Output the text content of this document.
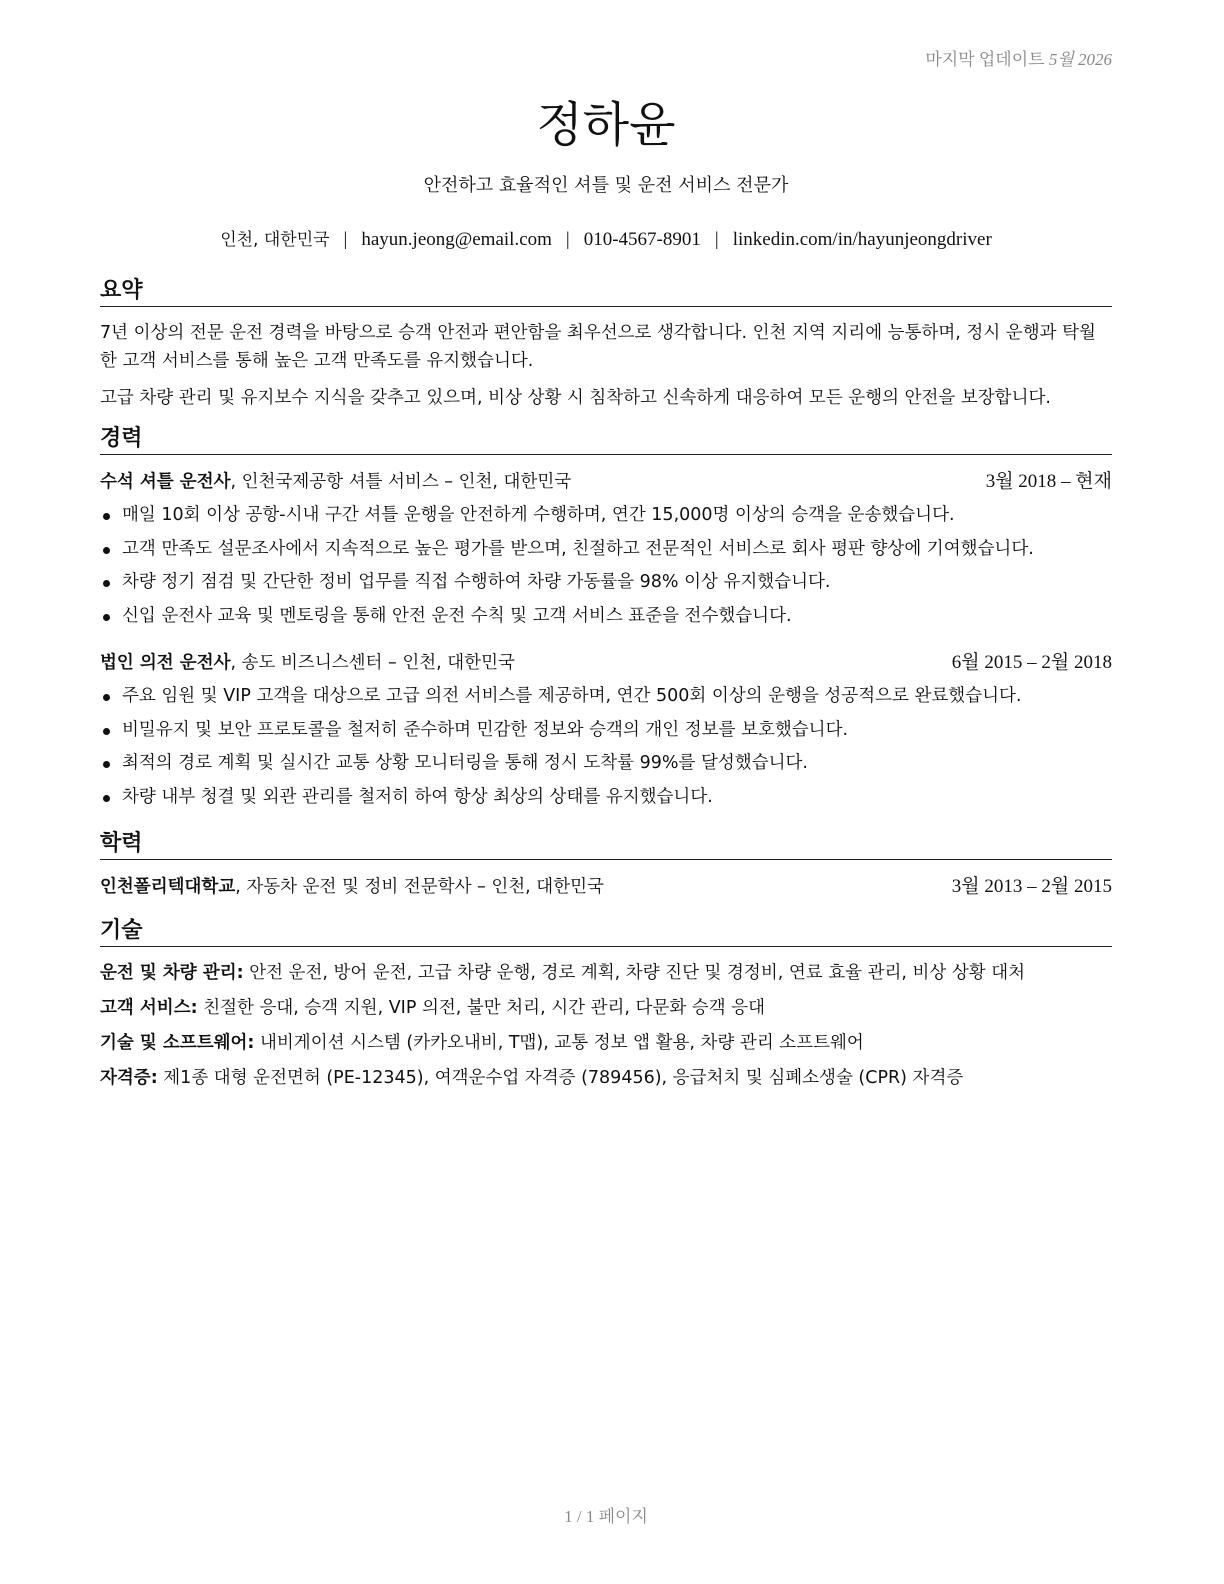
마지막 업데이트 5월 2026
정하윤
안전하고 효율적인 셔틀 및 운전 서비스 전문가
인천, 대한민국 | hayun.jeong@email.com | 010-4567-8901 | linkedin.com/in/hayunjeongdriver
요약

7년 이상의 전문 운전 경력을 바탕으로 승객 안전과 편안함을 최우선으로 생각합니다. 인천 지역 지리에 능통하며, 정시 운행과 탁월한 고객 서비스를 통해 높은 고객 만족도를 유지했습니다.

고급 차량 관리 및 유지보수 지식을 갖추고 있으며, 비상 상황 시 침착하고 신속하게 대응하여 모든 운행의 안전을 보장합니다.

경력
수석 셔틀 운전사, 인천국제공항 셔틀 서비스 – 인천, 대한민국	3월 2018 – 현재
매일 10회 이상 공항-시내 구간 셔틀 운행을 안전하게 수행하며, 연간 15,000명 이상의 승객을 운송했습니다.
고객 만족도 설문조사에서 지속적으로 높은 평가를 받으며, 친절하고 전문적인 서비스로 회사 평판 향상에 기여했습니다.
차량 정기 점검 및 간단한 정비 업무를 직접 수행하여 차량 가동률을 98% 이상 유지했습니다.
신입 운전사 교육 및 멘토링을 통해 안전 운전 수칙 및 고객 서비스 표준을 전수했습니다.
법인 의전 운전사, 송도 비즈니스센터 – 인천, 대한민국	6월 2015 – 2월 2018
주요 임원 및 VIP 고객을 대상으로 고급 의전 서비스를 제공하며, 연간 500회 이상의 운행을 성공적으로 완료했습니다.
비밀유지 및 보안 프로토콜을 철저히 준수하며 민감한 정보와 승객의 개인 정보를 보호했습니다.
최적의 경로 계획 및 실시간 교통 상황 모니터링을 통해 정시 도착률 99%를 달성했습니다.
차량 내부 청결 및 외관 관리를 철저히 하여 항상 최상의 상태를 유지했습니다.
학력
인천폴리텍대학교, 자동차 운전 및 정비 전문학사 – 인천, 대한민국	3월 2013 – 2월 2015
기술
운전 및 차량 관리: 안전 운전, 방어 운전, 고급 차량 운행, 경로 계획, 차량 진단 및 경정비, 연료 효율 관리, 비상 상황 대처
고객 서비스: 친절한 응대, 승객 지원, VIP 의전, 불만 처리, 시간 관리, 다문화 승객 응대
기술 및 소프트웨어: 내비게이션 시스템 (카카오내비, T맵), 교통 정보 앱 활용, 차량 관리 소프트웨어
자격증: 제1종 대형 운전면허 (PE-12345), 여객운수업 자격증 (789456), 응급처치 및 심폐소생술 (CPR) 자격증
1 / 1 페이지
